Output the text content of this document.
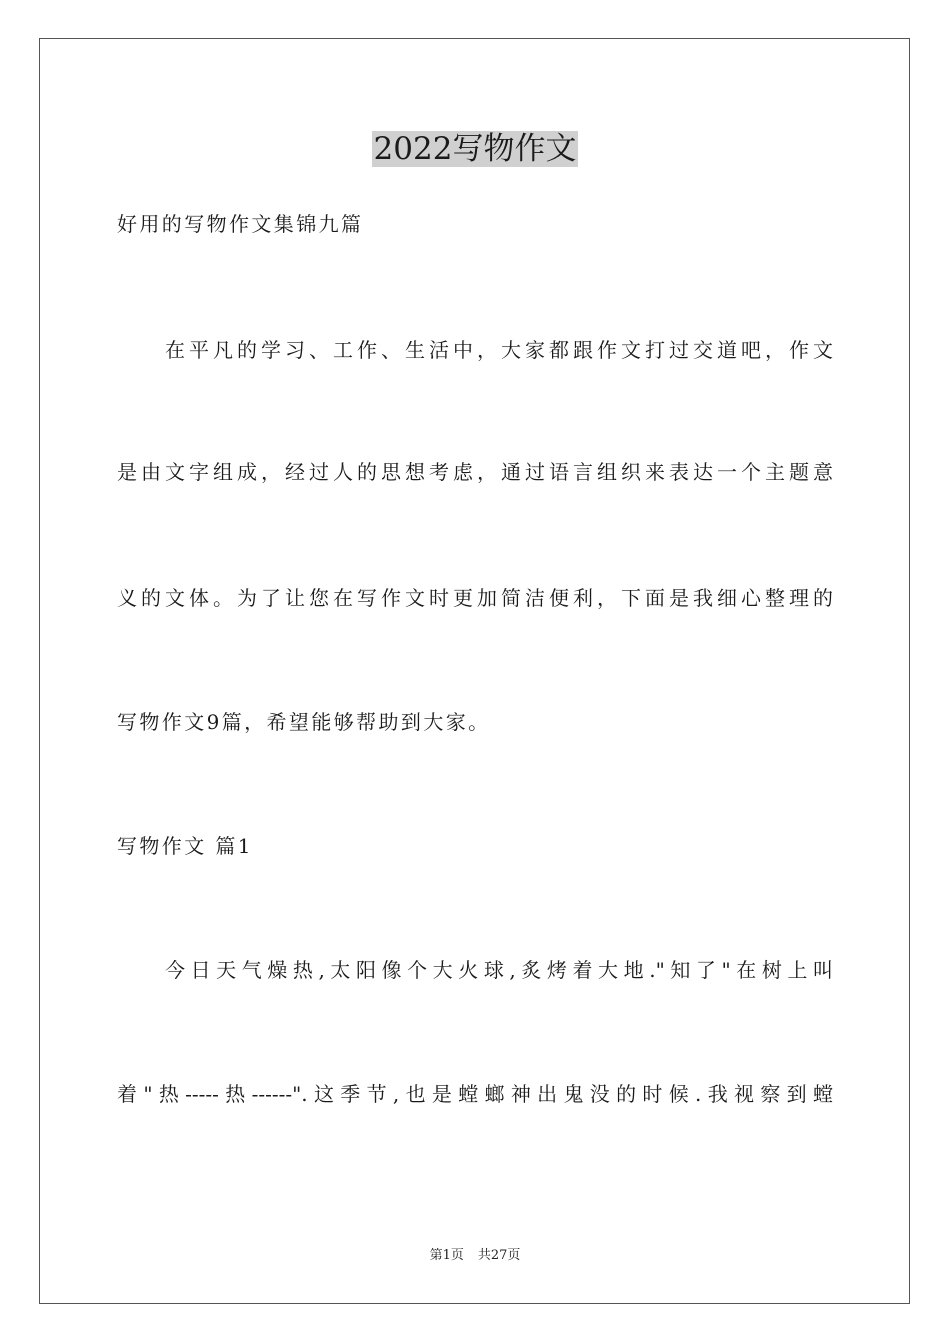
2022写物作文
好用的写物作文集锦九篇
在平凡的学习、工作、生活中，大家都跟作文打过交道吧，作文
是由文字组成，经过人的思想考虑，通过语言组织来表达一个主题意
义的文体。为了让您在写作文时更加简洁便利，下面是我细心整理的
写物作文9篇，希望能够帮助到大家。
写物作文 篇1
今日天气燥热,太阳像个大火球,炙烤着大地."知了"在树上叫
着"热-----热------".这季节,也是螳螂神出鬼没的时候.我视察到螳
第1页 共27页
